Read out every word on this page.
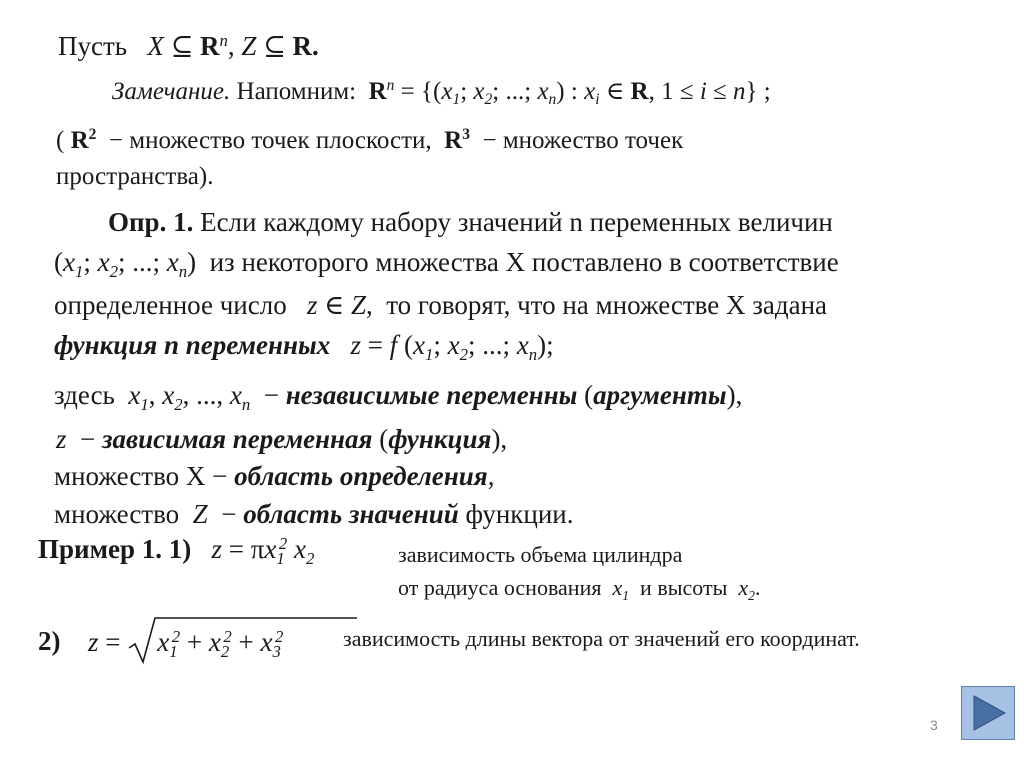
Пусть   X ⊆ $R^n$, Z ⊆ R.
Замечание. Напомним: $R^n = \{(x_1$; $x_2$; ...; $x_n$) : $x_i$ ∈ R, 1 ≤ i ≤ n} ;
( $R^2$  − множество точек плоскости,  $R^3$  − множество точек
пространства).
Опр. 1. Если каждому набору значений n переменных величин
($x_1$; $x_2$; ...; $x_n$) из некоторого множества X поставлено в соответствие
определенное число   z ∈ Z, то говорят, что на множестве X задана
функция n переменных   z = f ($x_1$; $x_2$; ...; $x_n$);
здесь  $x_1$, $x_2$, ..., $x_n$  − независимые переменны (аргументы),
z  − зависимая переменная (функция),
множество X − область определения,
множество  Z  − область значений функции.
Пример 1. 1)   $z = \pi x_1^2$ $x_2$	зависимость объема цилиндра
от радиуса основания  $x_1$ и высоты  $x_2$.
2) $z = x_1^2 + x_2^2 + x_3^2$	зависимость длины вектора от значений его координат.
3
